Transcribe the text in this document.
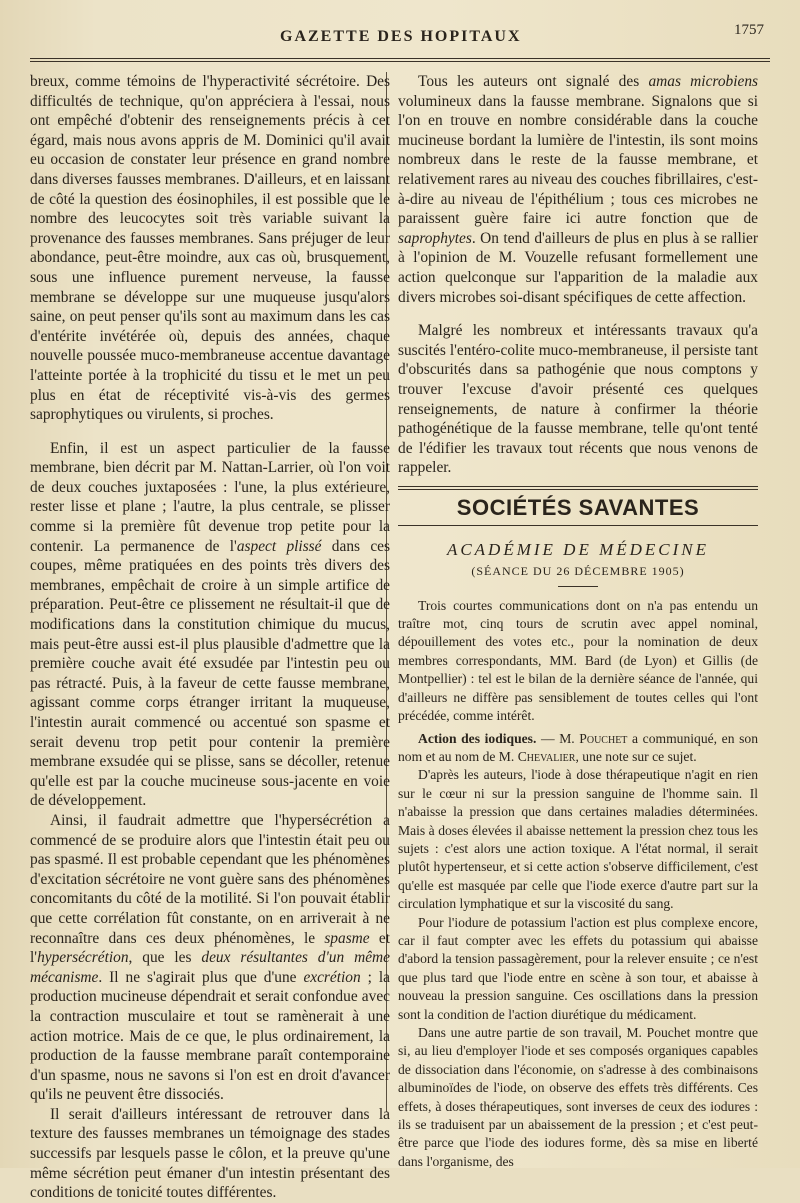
GAZETTE DES HOPITAUX	1757

breux, comme témoins de l'hyperactivité sécrétoire. Des difficultés de technique, qu'on appréciera à l'essai, nous ont empêché d'obtenir des renseignements précis à cet égard, mais nous avons appris de M. Dominici qu'il avait eu occasion de constater leur présence en grand nombre dans diverses fausses membranes. D'ailleurs, et en laissant de côté la question des éosinophiles, il est possible que le nombre des leucocytes soit très variable suivant la provenance des fausses membranes. Sans préjuger de leur abondance, peut-être moindre, aux cas où, brusquement, sous une influence purement nerveuse, la fausse membrane se développe sur une muqueuse jusqu'alors saine, on peut penser qu'ils sont au maximum dans les cas d'entérite invétérée où, depuis des années, chaque nouvelle poussée muco-membraneuse accentue davantage l'atteinte portée à la trophicité du tissu et le met un peu plus en état de réceptivité vis-à-vis des germes saprophytiques ou virulents, si proches.

Enfin, il est un aspect particulier de la fausse membrane, bien décrit par M. Nattan-Larrier, où l'on voit de deux couches juxtaposées : l'une, la plus extérieure, rester lisse et plane ; l'autre, la plus centrale, se plisser comme si la première fût devenue trop petite pour la contenir. La permanence de l'aspect plissé dans ces coupes, même pratiquées en des points très divers des membranes, empêchait de croire à un simple artifice de préparation. Peut-être ce plissement ne résultait-il que de modifications dans la constitution chimique du mucus, mais peut-être aussi est-il plus plausible d'admettre que la première couche avait été exsudée par l'intestin peu ou pas rétracté. Puis, à la faveur de cette fausse membrane, agissant comme corps étranger irritant la muqueuse, l'intestin aurait commencé ou accentué son spasme et serait devenu trop petit pour contenir la première membrane exsudée qui se plisse, sans se décoller, retenue qu'elle est par la couche mucineuse sous-jacente en voie de développement.

Ainsi, il faudrait admettre que l'hypersécrétion a commencé de se produire alors que l'intestin était peu ou pas spasmé. Il est probable cependant que les phénomènes d'excitation sécrétoire ne vont guère sans des phénomènes concomitants du côté de la motilité. Si l'on pouvait établir que cette corrélation fût constante, on en arriverait à ne reconnaître dans ces deux phénomènes, le spasme et l'hypersécrétion, que les deux résultantes d'un même mécanisme. Il ne s'agirait plus que d'une excrétion ; la production mucineuse dépendrait et serait confondue avec la contraction musculaire et tout se ramènerait à une action motrice. Mais de ce que, le plus ordinairement, la production de la fausse membrane paraît contemporaine d'un spasme, nous ne savons si l'on est en droit d'avancer qu'ils ne peuvent être dissociés.

Il serait d'ailleurs intéressant de retrouver dans la texture des fausses membranes un témoignage des stades successifs par lesquels passe le côlon, et la preuve qu'une même sécrétion peut émaner d'un intestin présentant des conditions de tonicité toutes différentes.

Tous les auteurs ont signalé des amas microbiens volumineux dans la fausse membrane. Signalons que si l'on en trouve en nombre considérable dans la couche mucineuse bordant la lumière de l'intestin, ils sont moins nombreux dans le reste de la fausse membrane, et relativement rares au niveau des couches fibrillaires, c'est-à-dire au niveau de l'épithélium ; tous ces microbes ne paraissent guère faire ici autre fonction que de saprophytes. On tend d'ailleurs de plus en plus à se rallier à l'opinion de M. Vouzelle refusant formellement une action quelconque sur l'apparition de la maladie aux divers microbes soi-disant spécifiques de cette affection.

Malgré les nombreux et intéressants travaux qu'a suscités l'entéro-colite muco-membraneuse, il persiste tant d'obscurités dans sa pathogénie que nous comptons y trouver l'excuse d'avoir présenté ces quelques renseignements, de nature à confirmer la théorie pathogénétique de la fausse membrane, telle qu'ont tenté de l'édifier les travaux tout récents que nous venons de rappeler.

SOCIÉTÉS SAVANTES
ACADÉMIE DE MÉDECINE
(SÉANCE DU 26 DÉCEMBRE 1905)

Trois courtes communications dont on n'a pas entendu un traître mot, cinq tours de scrutin avec appel nominal, dépouillement des votes etc., pour la nomination de deux membres correspondants, MM. Bard (de Lyon) et Gillis (de Montpellier) : tel est le bilan de la dernière séance de l'année, qui d'ailleurs ne diffère pas sensiblement de toutes celles qui l'ont précédée, comme intérêt.

Action des iodiques. — M. Pouchet a communiqué, en son nom et au nom de M. Chevalier, une note sur ce sujet.

D'après les auteurs, l'iode à dose thérapeutique n'agit en rien sur le cœur ni sur la pression sanguine de l'homme sain. Il n'abaisse la pression que dans certaines maladies déterminées. Mais à doses élevées il abaisse nettement la pression chez tous les sujets : c'est alors une action toxique. A l'état normal, il serait plutôt hypertenseur, et si cette action s'observe difficilement, c'est qu'elle est masquée par celle que l'iode exerce d'autre part sur la circulation lymphatique et sur la viscosité du sang.

Pour l'iodure de potassium l'action est plus complexe encore, car il faut compter avec les effets du potassium qui abaisse d'abord la tension passagèrement, pour la relever ensuite ; ce n'est que plus tard que l'iode entre en scène à son tour, et abaisse à nouveau la pression sanguine. Ces oscillations dans la pression sont la condition de l'action diurétique du médicament.

Dans une autre partie de son travail, M. Pouchet montre que si, au lieu d'employer l'iode et ses composés organiques capables de dissociation dans l'économie, on s'adresse à des combinaisons albuminoïdes de l'iode, on observe des effets très différents. Ces effets, à doses thérapeutiques, sont inverses de ceux des iodures : ils se traduisent par un abaissement de la pression ; et c'est peut-être parce que l'iode des iodures forme, dès sa mise en liberté dans l'organisme, des
